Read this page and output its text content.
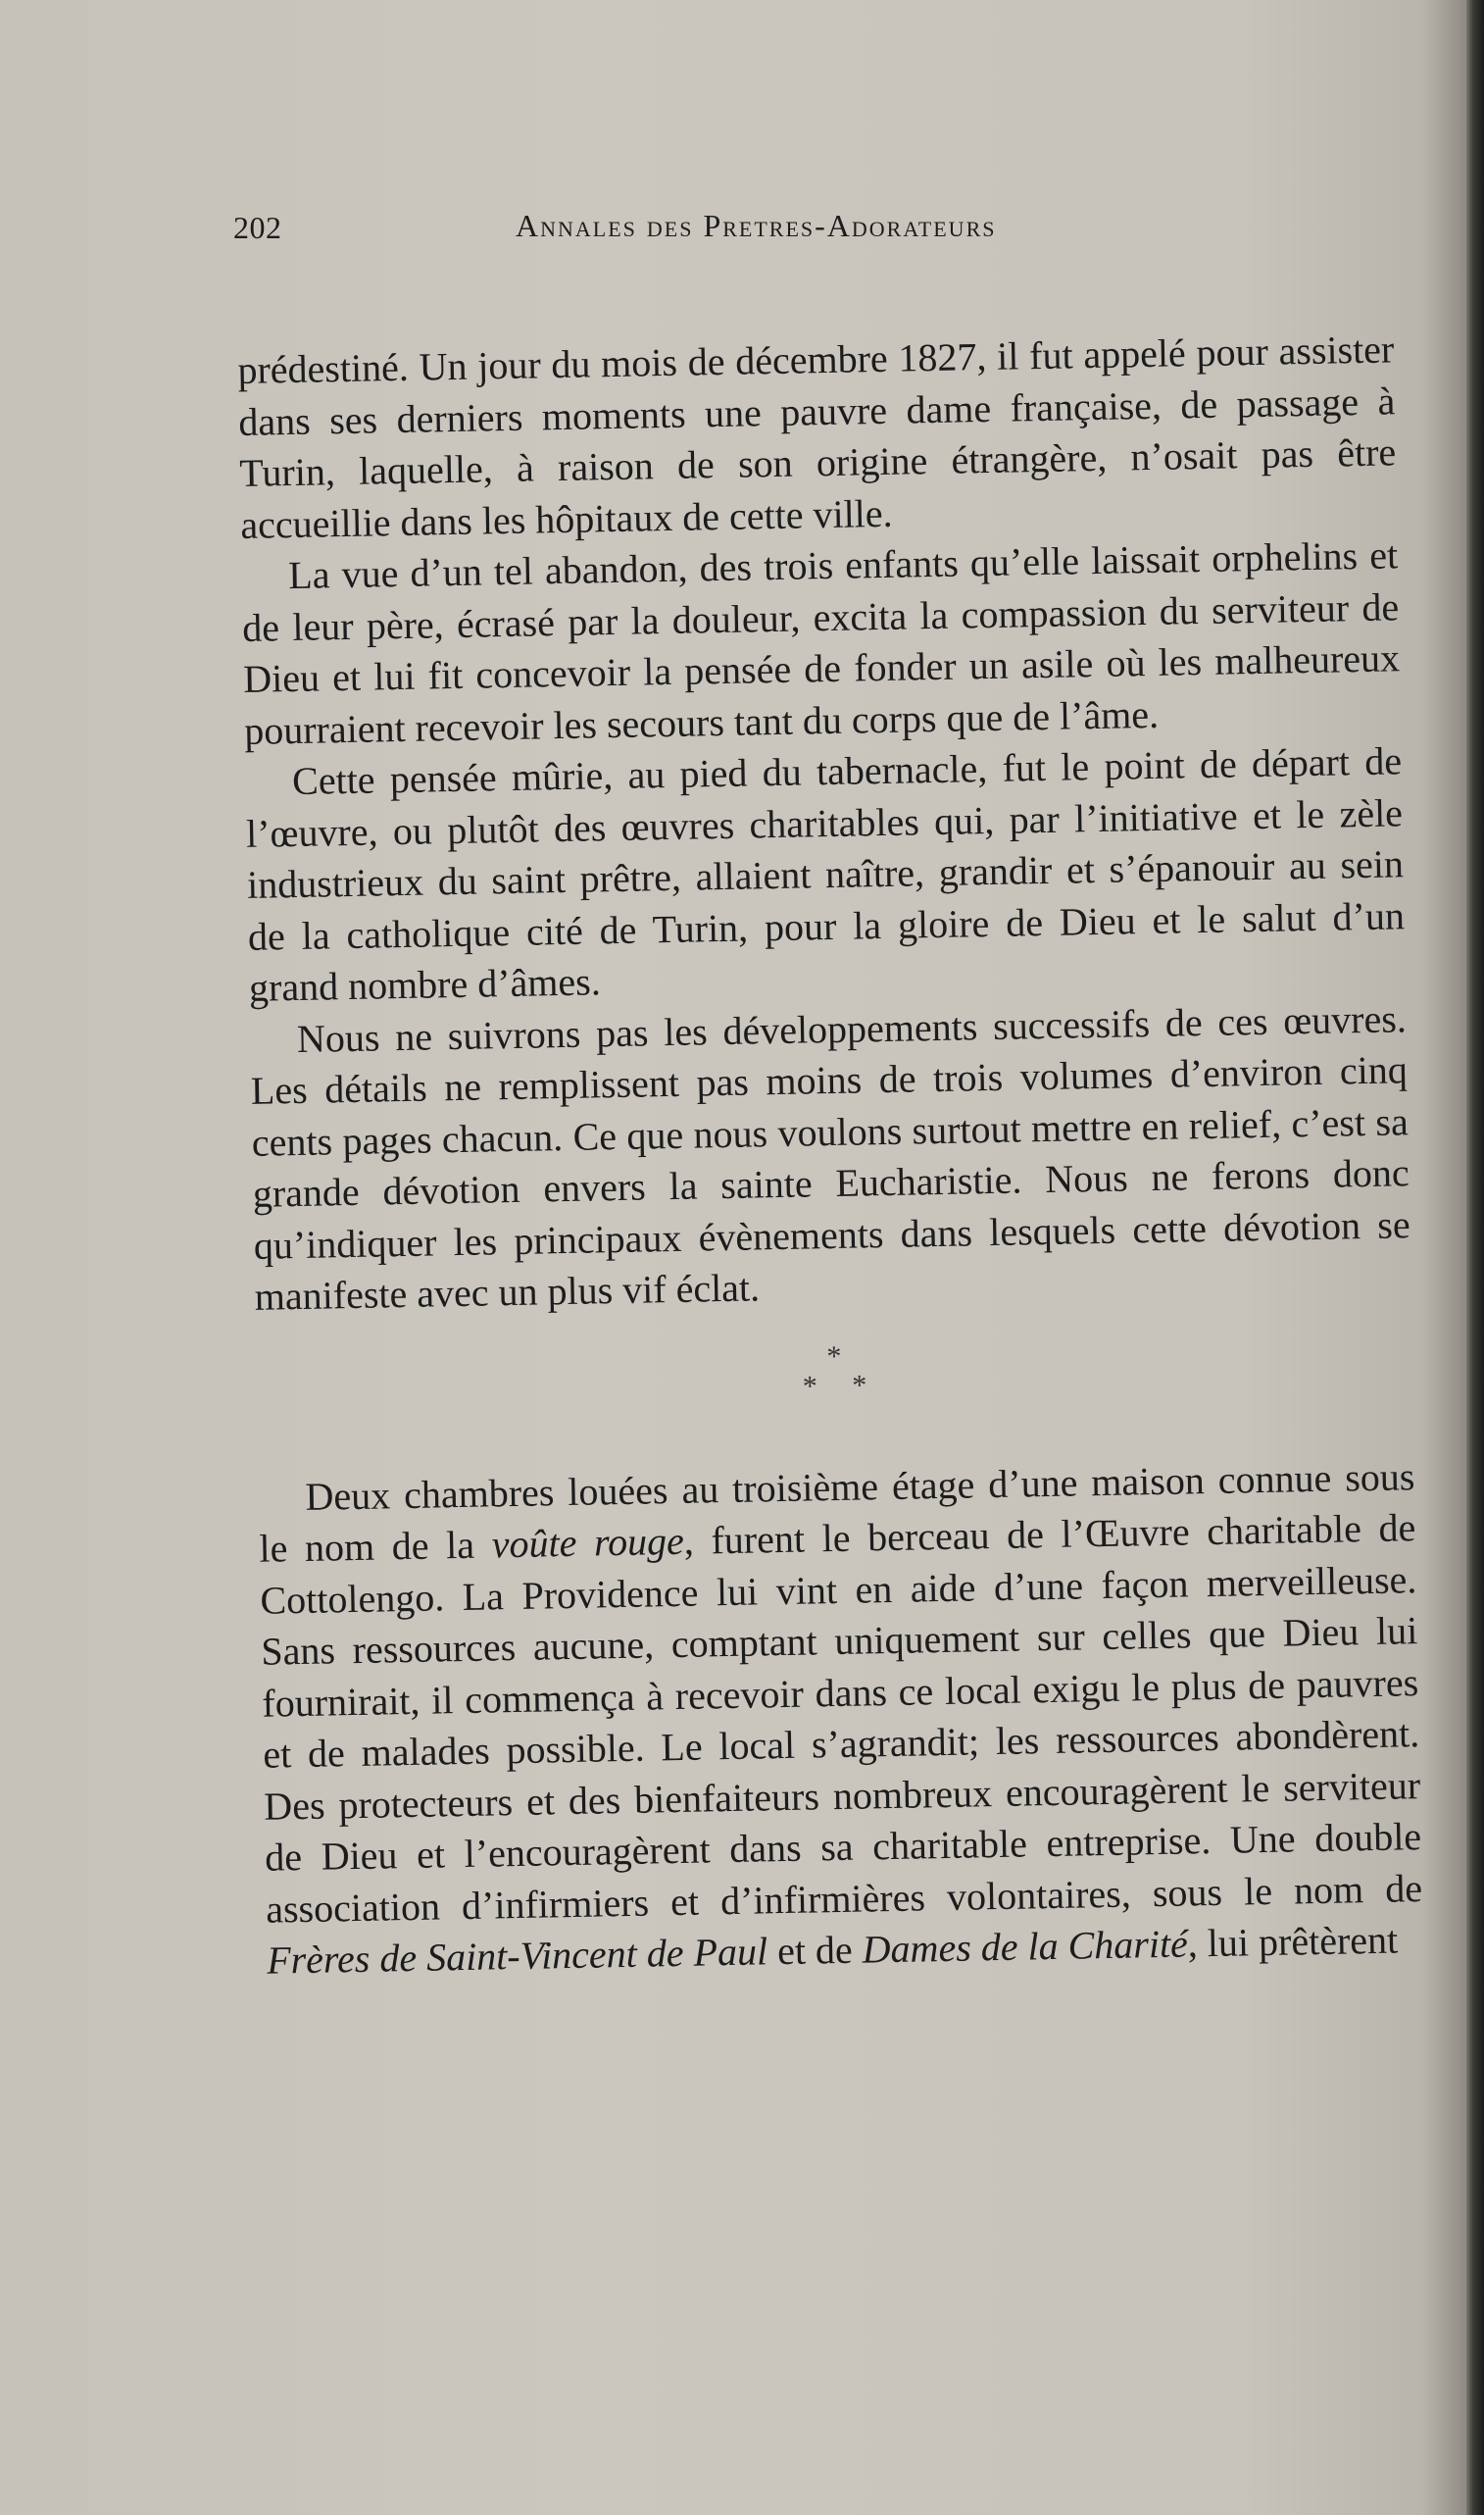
202	Annales des Pretres-Adorateurs

prédestiné. Un jour du mois de décembre 1827, il fut appelé pour assister dans ses derniers moments une pauvre dame française, de passage à Turin, laquelle, à raison de son origine étrangère, n’osait pas être accueillie dans les hôpitaux de cette ville.

La vue d’un tel abandon, des trois enfants qu’elle laissait orphelins et de leur père, écrasé par la douleur, excita la compassion du serviteur de Dieu et lui fit concevoir la pensée de fonder un asile où les malheureux pourraient recevoir les secours tant du corps que de l’âme.

Cette pensée mûrie, au pied du tabernacle, fut le point de départ de l’œuvre, ou plutôt des œuvres charitables qui, par l’initiative et le zèle industrieux du saint prêtre, allaient naître, grandir et s’épanouir au sein de la catholique cité de Turin, pour la gloire de Dieu et le salut d’un grand nombre d’âmes.

Nous ne suivrons pas les développements successifs de ces œuvres. Les détails ne remplissent pas moins de trois volumes d’environ cinq cents pages chacun. Ce que nous voulons surtout mettre en relief, c’est sa grande dévotion envers la sainte Eucharistie. Nous ne ferons donc qu’indiquer les principaux évènements dans lesquels cette dévotion se manifeste avec un plus vif éclat.

*
* *

Deux chambres louées au troisième étage d’une maison connue sous le nom de la voûte rouge, furent le berceau de l’Œuvre charitable de Cottolengo. La Providence lui vint en aide d’une façon merveilleuse. Sans ressources aucune, comptant uniquement sur celles que Dieu lui fournirait, il commença à recevoir dans ce local exigu le plus de pauvres et de malades possible. Le local s’agrandit; les ressources abondèrent. Des protecteurs et des bienfaiteurs nombreux encouragèrent le serviteur de Dieu et l’encouragèrent dans sa charitable entreprise. Une double association d’infirmiers et d’infirmières volontaires, sous le nom de Frères de Saint-Vincent de Paul et de Dames de la Charité, lui prêtèrent
